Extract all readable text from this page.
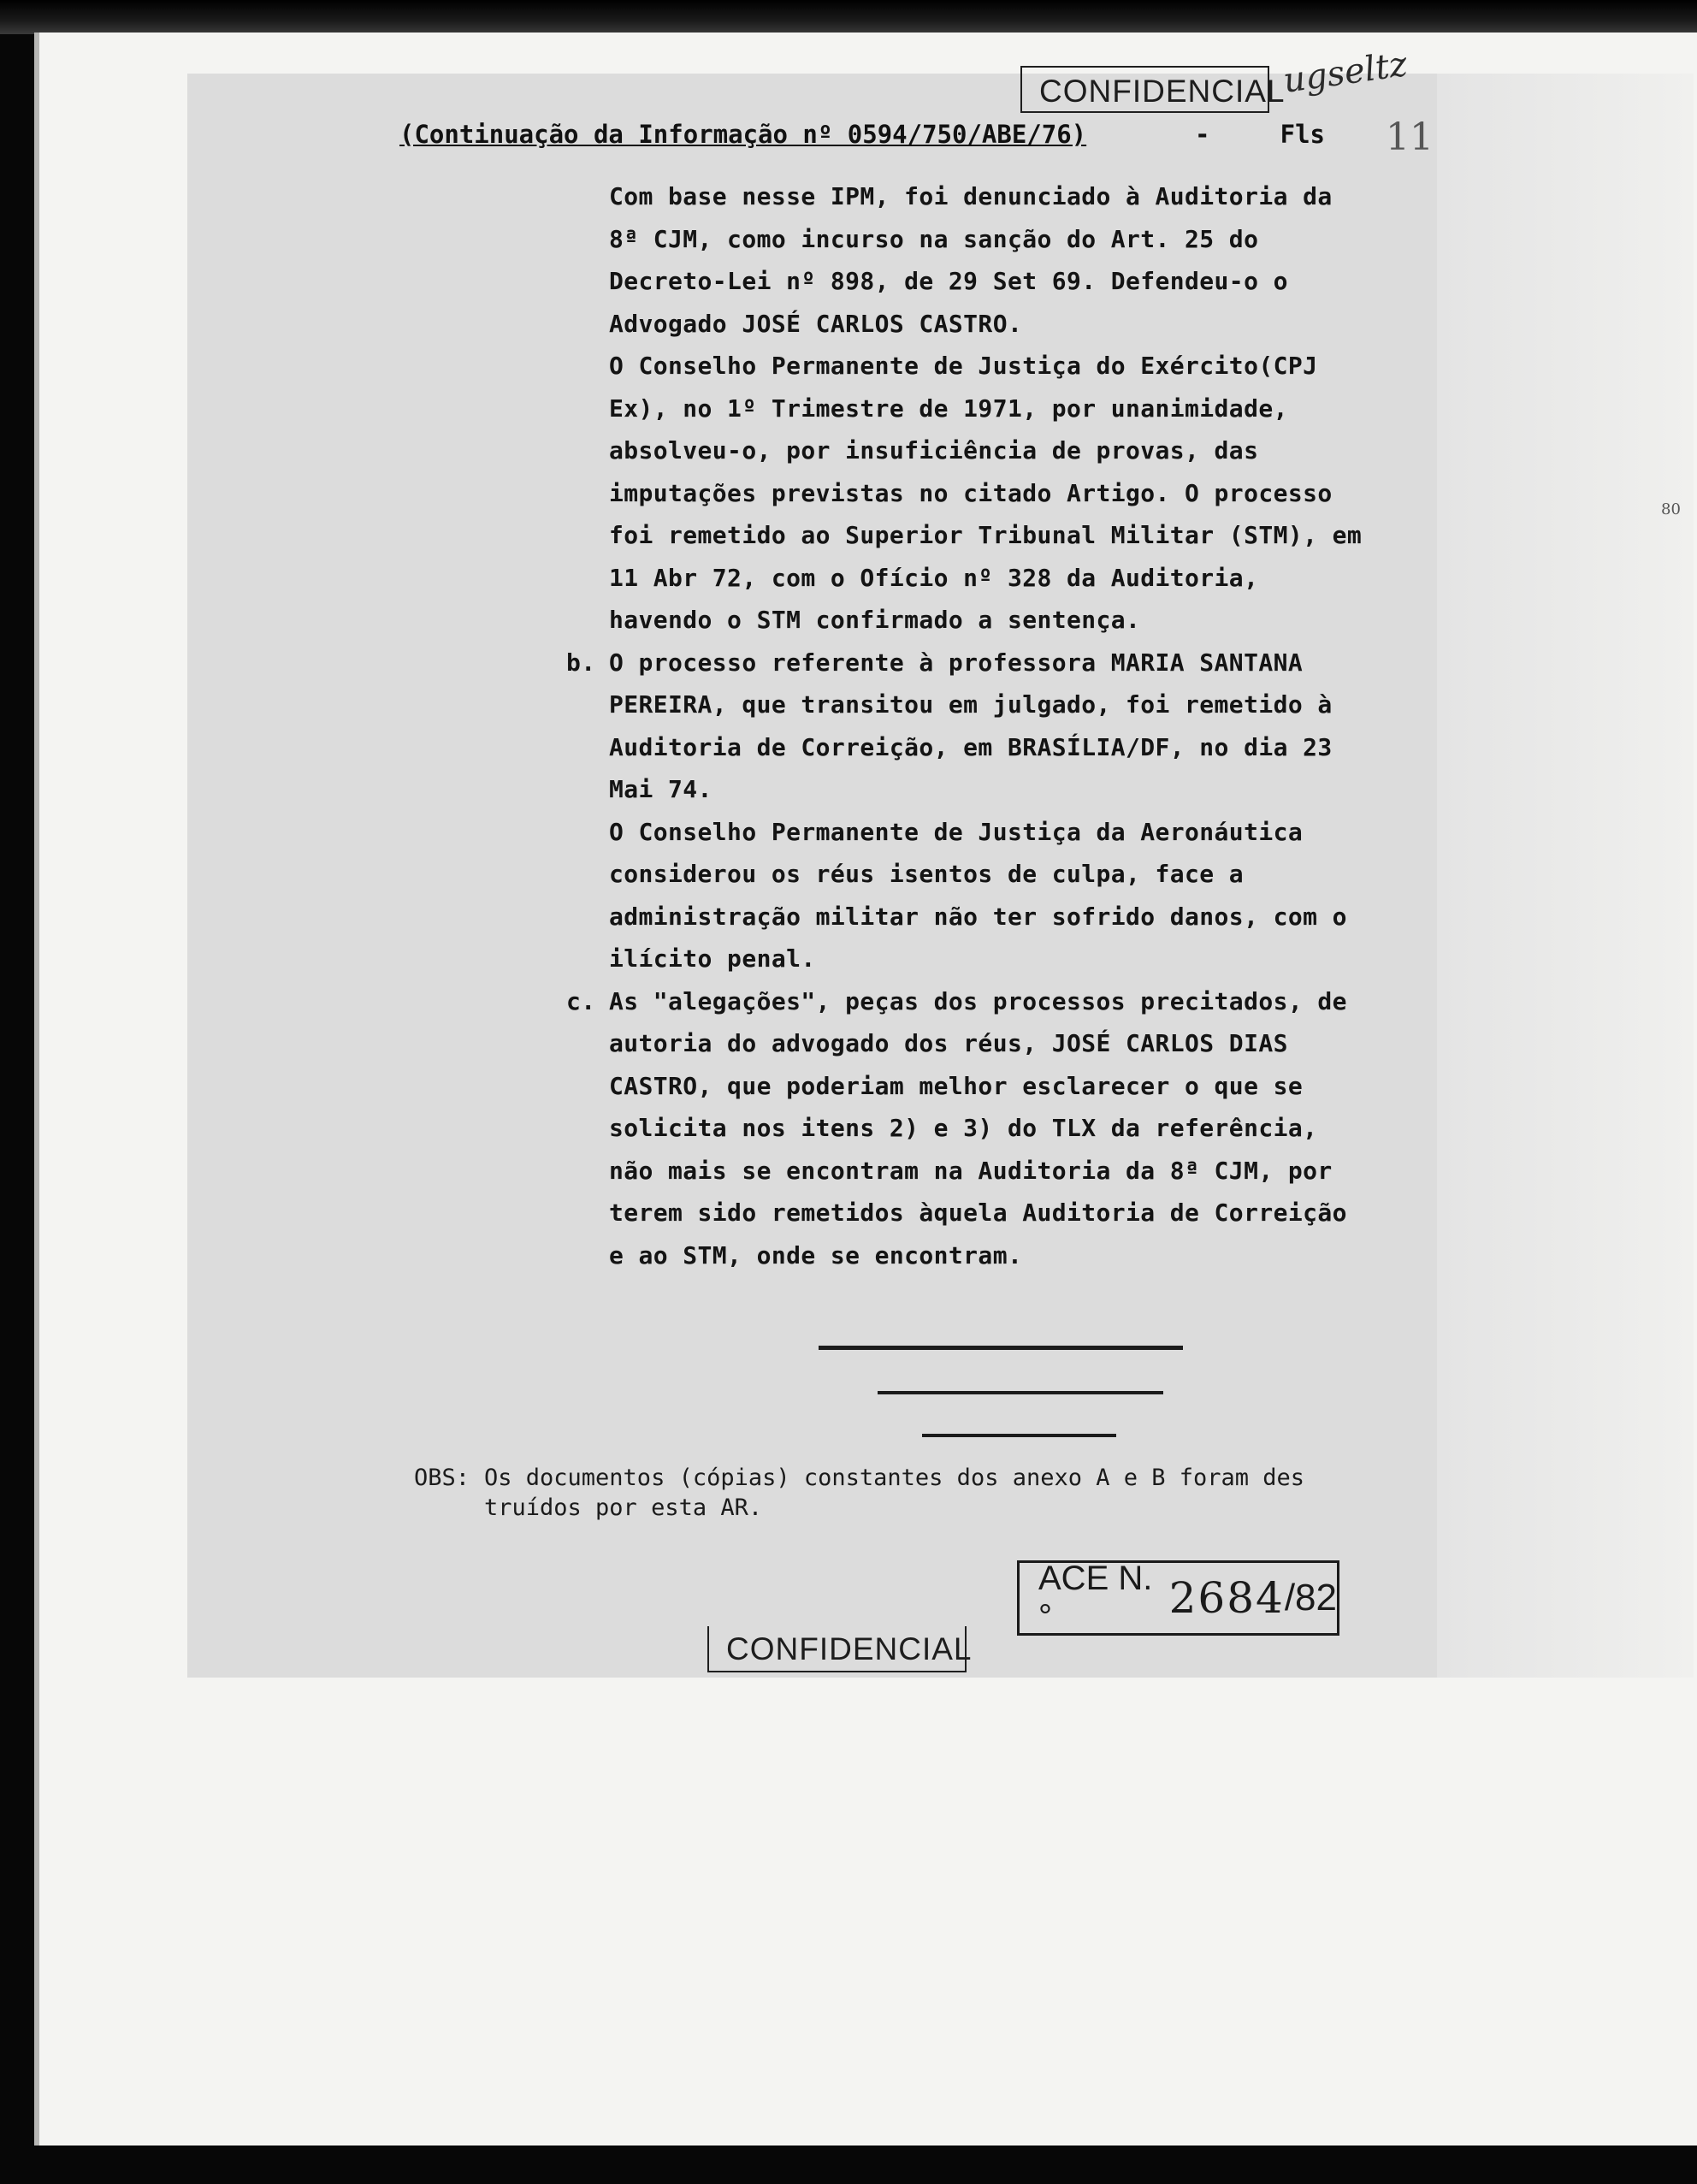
CONFIDENCIAL
ugseltz
(Continuação da Informação nº 0594/750/ABE/76)	-	Fls 11
80

Com base nesse IPM, foi denunciado à Auditoria da 8ª CJM, como incurso na sanção do Art. 25 do Decreto-Lei nº 898, de 29 Set 69. Defendeu-o o Advogado JOSÉ CARLOS CASTRO.

O Conselho Permanente de Justiça do Exército(CPJ Ex), no 1º Trimestre de 1971, por unanimidade, absolveu-o, por insuficiência de provas, das imputações previstas no citado Artigo. O processo foi remetido ao Superior Tribunal Militar (STM), em 11 Abr 72, com o Ofício nº 328 da Auditoria, havendo o STM confirmado a sentença.

b. O processo referente à professora MARIA SANTANA PEREIRA, que transitou em julgado, foi remetido à Auditoria de Correição, em BRASÍLIA/DF, no dia 23 Mai 74.

O Conselho Permanente de Justiça da Aeronáutica considerou os réus isentos de culpa, face a administração militar não ter sofrido danos, com o ilícito penal.

c. As "alegações", peças dos processos precitados, de autoria do advogado dos réus, JOSÉ CARLOS DIAS CASTRO, que poderiam melhor esclarecer o que se solicita nos itens 2) e 3) do TLX da referência, não mais se encontram na Auditoria da 8ª CJM, por terem sido remetidos àquela Auditoria de Correição e ao STM, onde se encontram.

OBS: Os documentos (cópias) constantes dos anexo A e B foram des
truídos por esta AR.
ACE N.°	2684 /82
CONFIDENCIAL
